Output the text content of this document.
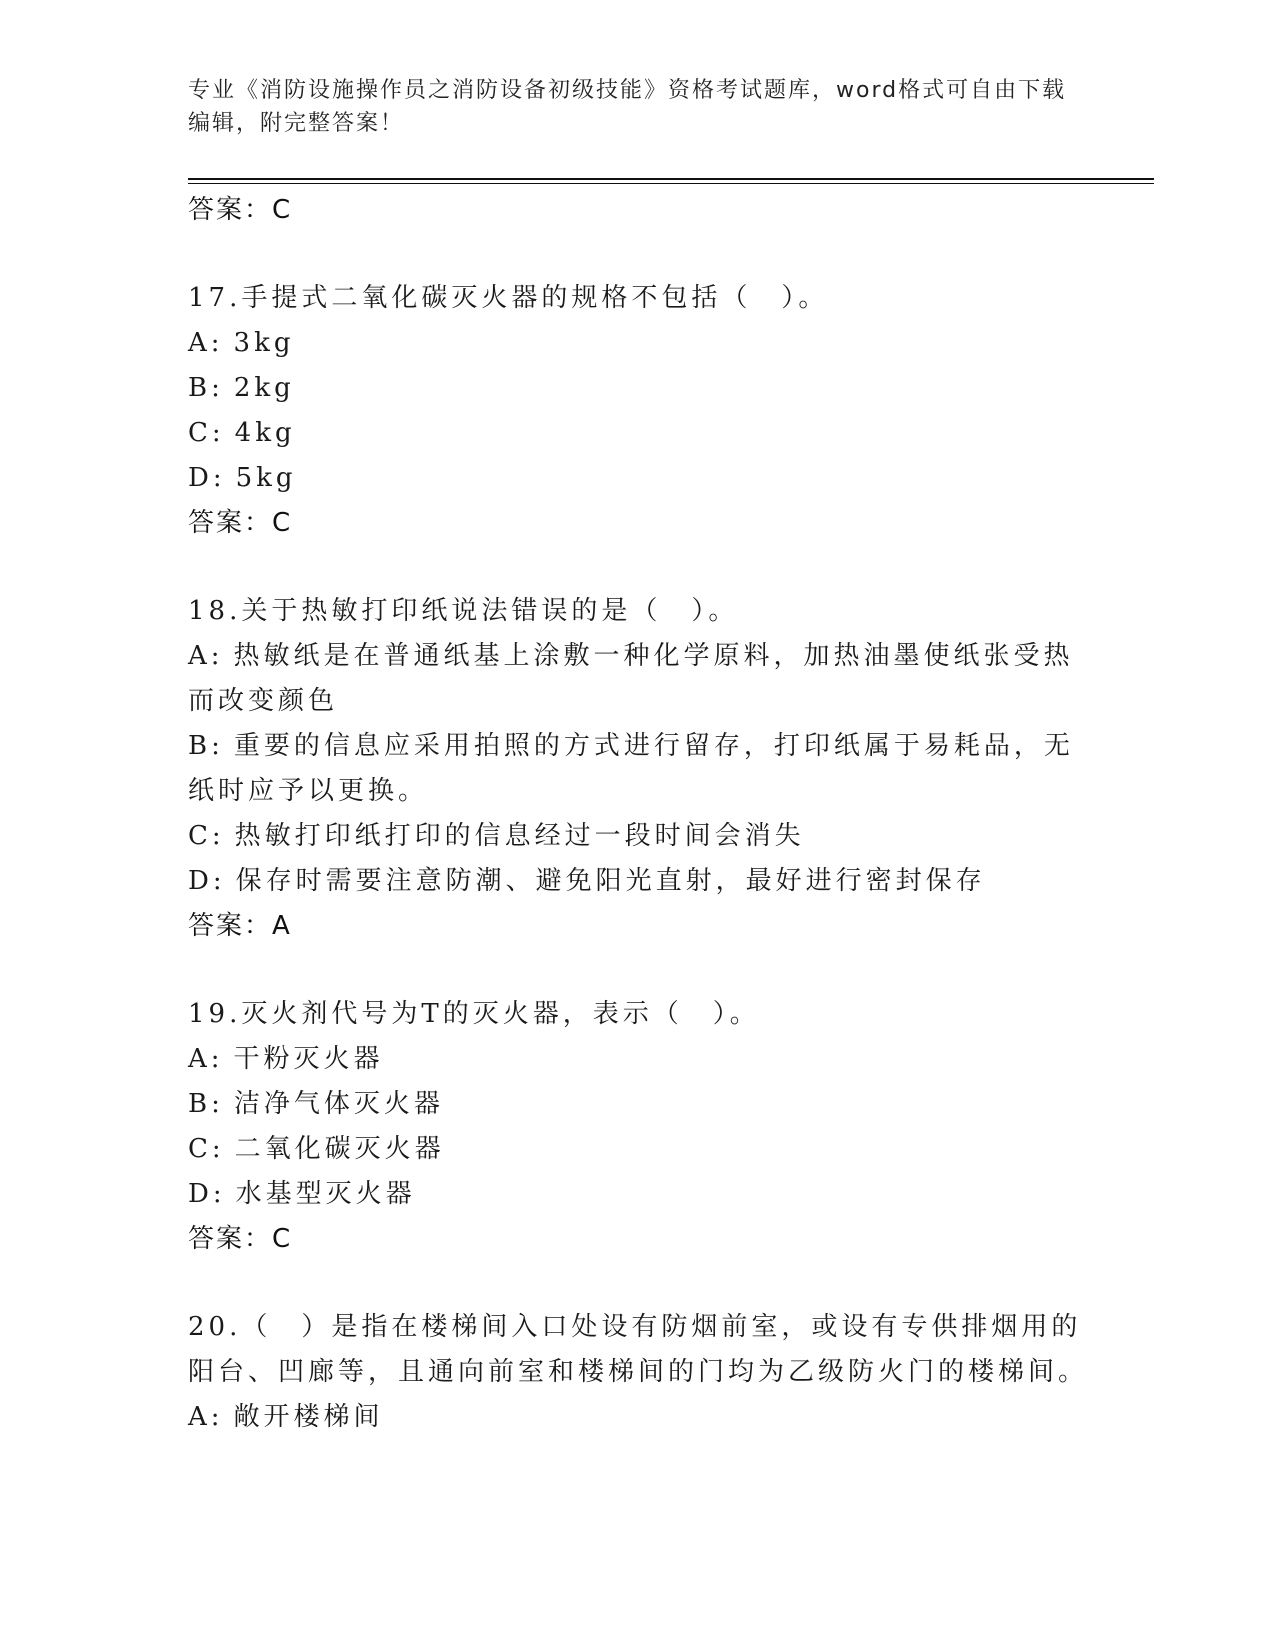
专业《消防设施操作员之消防设备初级技能》资格考试题库，word格式可自由下载编辑，附完整答案！

答案：C

17.手提式二氧化碳灭火器的规格不包括（　）。

A: 3kg

B: 2kg

C: 4kg

D: 5kg

答案：C

18.关于热敏打印纸说法错误的是（　）。

A: 热敏纸是在普通纸基上涂敷一种化学原料，加热油墨使纸张受热而改变颜色

B: 重要的信息应采用拍照的方式进行留存，打印纸属于易耗品，无纸时应予以更换。

C: 热敏打印纸打印的信息经过一段时间会消失

D: 保存时需要注意防潮、避免阳光直射，最好进行密封保存

答案：A

19.灭火剂代号为T的灭火器，表示（　）。

A: 干粉灭火器

B: 洁净气体灭火器

C: 二氧化碳灭火器

D: 水基型灭火器

答案：C

20.（　）是指在楼梯间入口处设有防烟前室，或设有专供排烟用的阳台、凹廊等，且通向前室和楼梯间的门均为乙级防火门的楼梯间。

A: 敞开楼梯间
